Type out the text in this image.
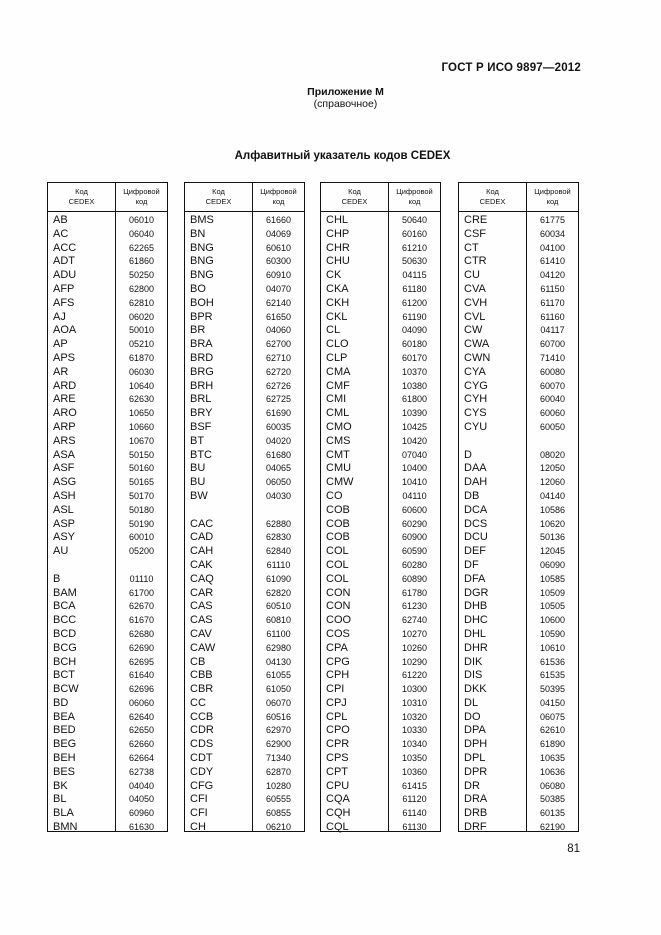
ГОСТ Р ИСО 9897—2012
Приложение М
(справочное)
Алфавитный указатель кодов CEDEX
Код
CEDEX
Цифровой
код
AB	06010
AC	06040
ACC	62265
ADT	61860
ADU	50250
AFP	62800
AFS	62810
AJ	06020
AOA	50010
AP	05210
APS	61870
AR	06030
ARD	10640
ARE	62630
ARO	10650
ARP	10660
ARS	10670
ASA	50150
ASF	50160
ASG	50165
ASH	50170
ASL	50180
ASP	50190
ASY	60010
AU	05200
B	01110
BAM	61700
BCA	62670
BCC	61670
BCD	62680
BCG	62690
BCH	62695
BCT	61640
BCW	62696
BD	06060
BEA	62640
BED	62650
BEG	62660
BEH	62664
BES	62738
BK	04040
BL	04050
BLA	60960
BMN	61630
Код
CEDEX
Цифровой
код
BMS	61660
BN	04069
BNG	60610
BNG	60300
BNG	60910
BO	04070
BOH	62140
BPR	61650
BR	04060
BRA	62700
BRD	62710
BRG	62720
BRH	62726
BRL	62725
BRY	61690
BSF	60035
BT	04020
BTC	61680
BU	04065
BU	06050
BW	04030
CAC	62880
CAD	62830
CAH	62840
CAK	61110
CAQ	61090
CAR	62820
CAS	60510
CAS	60810
CAV	61100
CAW	62980
CB	04130
CBB	61055
CBR	61050
CC	06070
CCB	60516
CDR	62970
CDS	62900
CDT	71340
CDY	62870
CFG	10280
CFI	60555
CFI	60855
CH	06210
Код
CEDEX
Цифровой
код
CHL	50640
CHP	60160
CHR	61210
CHU	50630
CK	04115
CKA	61180
CKH	61200
CKL	61190
CL	04090
CLO	60180
CLP	60170
CMA	10370
CMF	10380
CMI	61800
CML	10390
CMO	10425
CMS	10420
CMT	07040
CMU	10400
CMW	10410
CO	04110
COB	60600
COB	60290
COB	60900
COL	60590
COL	60280
COL	60890
CON	61780
CON	61230
COO	62740
COS	10270
CPA	10260
CPG	10290
CPH	61220
CPI	10300
CPJ	10310
CPL	10320
CPO	10330
CPR	10340
CPS	10350
CPT	10360
CPU	61415
CQA	61120
CQH	61140
CQL	61130
Код
CEDEX
Цифровой
код
CRE	61775
CSF	60034
CT	04100
CTR	61410
CU	04120
CVA	61150
CVH	61170
CVL	61160
CW	04117
CWA	60700
CWN	71410
CYA	60080
CYG	60070
CYH	60040
CYS	60060
CYU	60050
D	08020
DAA	12050
DAH	12060
DB	04140
DCA	10586
DCS	10620
DCU	50136
DEF	12045
DF	06090
DFA	10585
DGR	10509
DHB	10505
DHC	10600
DHL	10590
DHR	10610
DIK	61536
DIS	61535
DKK	50395
DL	04150
DO	06075
DPA	62610
DPH	61890
DPL	10635
DPR	10636
DR	06080
DRA	50385
DRB	60135
DRF	62190
81
